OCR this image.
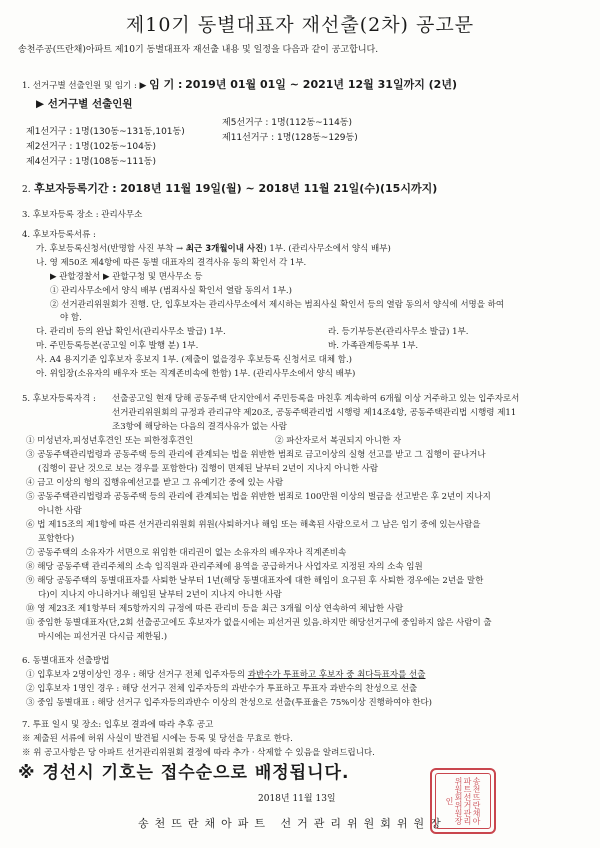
제10기 동별대표자 재선출(2차) 공고문
송천주공(뜨란채)아파트 제10기 동별대표자 재선출 내용 및 일정을 다음과 같이 공고합니다.
1. 선거구별 선출인원 및 임기 : ▶ 임 기 : 2019년 01월 01일 ~ 2021년 12월 31일까지 (2년)
▶ 선거구별 선출인원
제1선거구 : 1명(130동~131동,101동)
제2선거구 : 1명(102동~104동)
제4선거구 : 1명(108동~111동)
제5선거구 : 1명(112동~114동)
제11선거구 : 1명(128동~129동)
2. 후보자등록기간 : 2018년 11월 19일(월) ~ 2018년 11월 21일(수)(15시까지)
3. 후보자등록 장소 : 관리사무소
4. 후보자등록서류 :
가. 후보등록신청서(반명함 사진 부착 → 최근 3개월이내 사진) 1부. (관리사무소에서 양식 배부)
나. 영 제50조 제4항에 따른 동별 대표자의 결격사유 동의 확인서 각 1부.
▶ 관할경찰서 ▶ 관할구청 및 면사무소 등
① 관리사무소에서 양식 배부 (범죄사실 확인서 열람 동의서 1부.)
② 선거관리위원회가 진행. 단, 입후보자는 관리사무소에서 제시하는 범죄사실 확인서 등의 열람 동의서 양식에 서명을 하여
야 함.
다. 관리비 등의 완납 확인서(관리사무소 발급) 1부.	라. 등기부등본(관리사무소 발급) 1부.
마. 주민등록등본(공고일 이후 발행 분) 1부.	바. 가족관계등록부 1부.
사. A4 용지기준 입후보자 홍보지 1부. (제출이 없을경우 후보등록 신청서로 대체 함.)
아. 위임장(소유자의 배우자 또는 직계존비속에 한함) 1부. (관리사무소에서 양식 배부)
5. 후보자등록자격 : 선출공고일 현재 당해 공동주택 단지안에서 주민등록을 마친후 계속하여 6개월 이상 거주하고 있는 입주자로서
선거관리위원회의 규정과 관리규약 제20조, 공동주택관리법 시행령 제14조4항, 공동주택관리법 시행령 제11
조3항에 해당하는 다음의 결격사유가 없는 사람
① 미성년자,피성년후견인 또는 피한정후견인	② 파산자로서 복권되지 아니한 자
③ 공동주택관리법령과 공동주택 등의 관리에 관계되는 법을 위반한 범죄로 금고이상의 실형 선고를 받고 그 집행이 끝나거나
(집행이 끝난 것으로 보는 경우를 포함한다) 집행이 면제된 날부터 2년이 지나지 아니한 사람
④ 금고 이상의 형의 집행유예선고를 받고 그 유예기간 중에 있는 사람
⑤ 공동주택관리법령과 공동주택 등의 관리에 관계되는 법을 위반한 범죄로 100만원 이상의 벌금을 선고받은 후 2년이 지나지
아니한 사람
⑥ 법 제15조의 제1항에 따른 선거관리위원회 위원(사퇴하거나 해임 또는 해촉된 사람으로서 그 남은 임기 중에 있는사람을
포함한다)
⑦ 공동주택의 소유자가 서면으로 위임한 대리권이 없는 소유자의 배우자나 직계존비속
⑧ 해당 공동주택 관리주체의 소속 임직원과 관리주체에 용역을 공급하거나 사업자로 지정된 자의 소속 임원
⑨ 해당 공동주택의 동별대표자를 사퇴한 날부터 1년(해당 동별대표자에 대한 해임이 요구된 후 사퇴한 경우에는 2년을 말한
다)이 지나지 아니하거나 해임된 날부터 2년이 지나지 아니한 사람
⑩ 영 제23조 제1항부터 제5항까지의 규정에 따른 관리비 등을 최근 3개월 이상 연속하여 체납한 사람
⑪ 중임한 동별대표자(단,2회 선출공고에도 후보자가 없을시에는 피선거권 있음.하지만 해당선거구에 중임하지 않은 사람이 출
마시에는 피선거권 다시금 제한됨.)
6. 동별대표자 선출방법
① 입후보자 2명이상인 경우 : 해당 선거구 전체 입주자등의 과반수가 투표하고 후보자 중 최다득표자를 선출
② 입후보자 1명인 경우 : 해당 선거구 전체 입주자등의 과반수가 투표하고 투표자 과반수의 찬성으로 선출
③ 중임 동별대표 : 해당 선거구 입주자등의과반수 이상의 찬성으로 선출(투표율은 75%이상 진행하여야 한다)
7. 투표 일시 및 장소: 입후보 결과에 따라 추후 공고
※ 제출된 서류에 허위 사실이 발견될 시에는 등록 및 당선을 무효로 한다.
※ 위 공고사항은 당 아파트 선거관리위원회 결정에 따라 추가 · 삭제할 수 있음을 알려드립니다.
※ 경선시 기호는 접수순으로 배정됩니다.
2018년 11월 13일
송천뜨란채아파트 선거관리위원회위원장	송천뜨란채아파트선거관리위원회위원장인
